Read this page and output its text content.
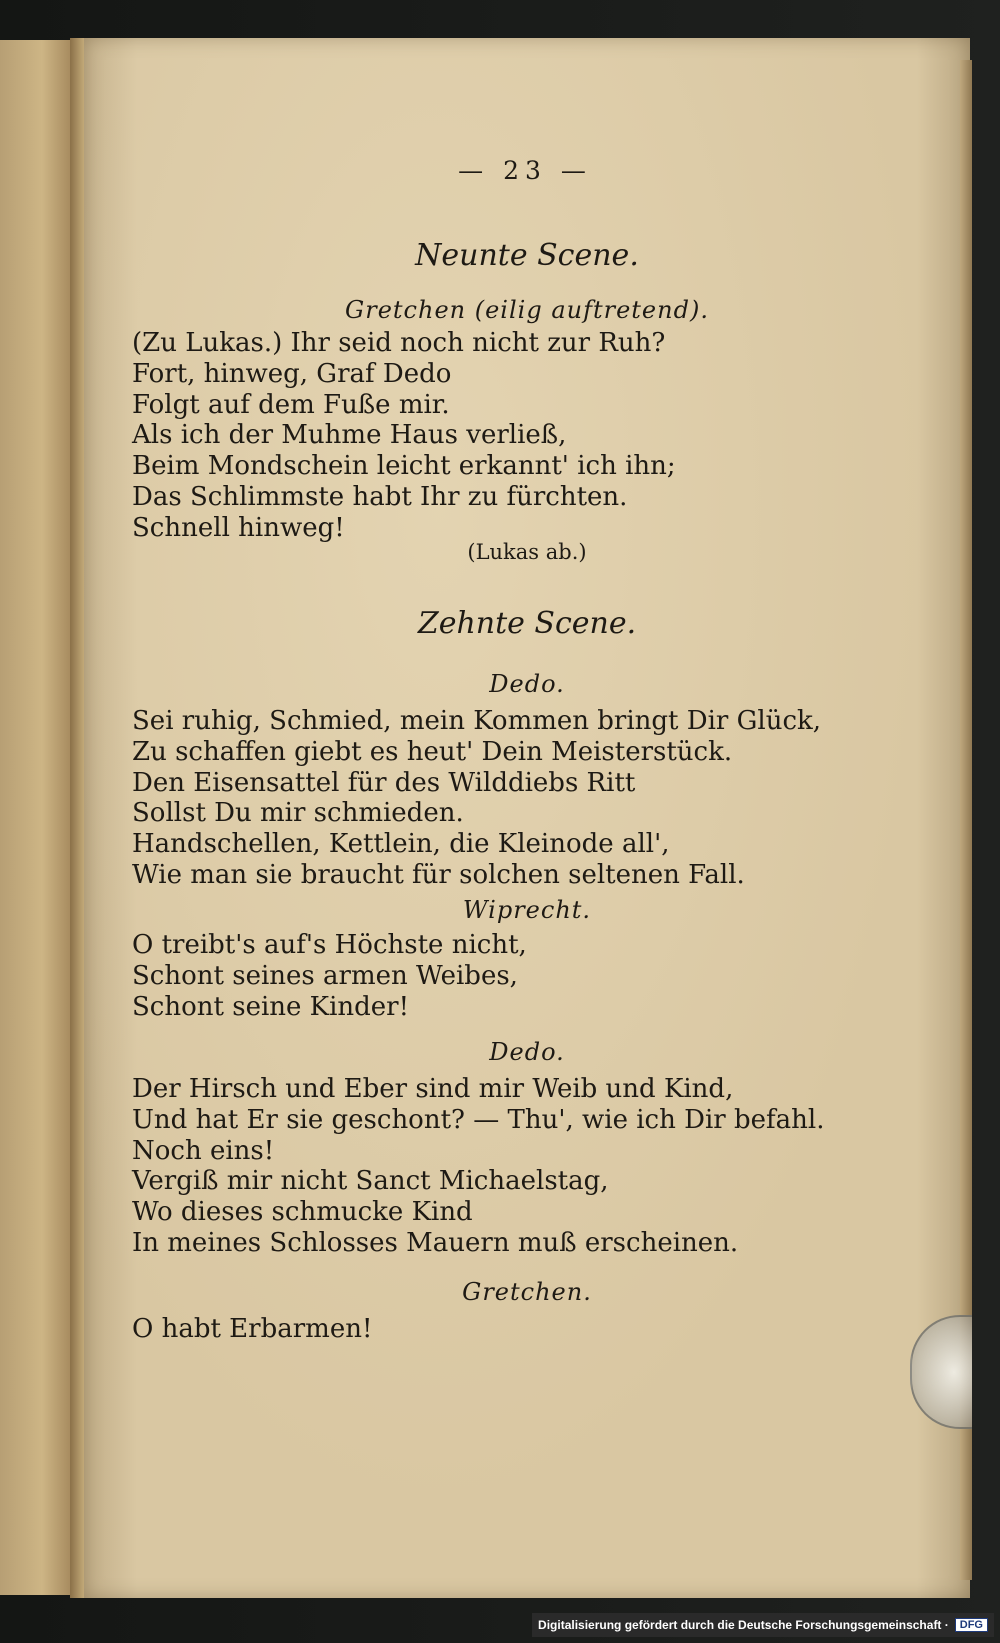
— 23 —
Neunte Scene.
Gretchen (eilig auftretend).
(Zu Lukas.) Ihr seid noch nicht zur Ruh?
Fort, hinweg, Graf Dedo
Folgt auf dem Fuße mir.
Als ich der Muhme Haus verließ,
Beim Mondschein leicht erkannt' ich ihn;
Das Schlimmste habt Ihr zu fürchten.
Schnell hinweg!
(Lukas ab.)
Zehnte Scene.
Dedo.
Sei ruhig, Schmied, mein Kommen bringt Dir Glück,
Zu schaffen giebt es heut' Dein Meisterstück.
Den Eisensattel für des Wilddiebs Ritt
Sollst Du mir schmieden.
Handschellen, Kettlein, die Kleinode all',
Wie man sie braucht für solchen seltenen Fall.
Wiprecht.
O treibt's auf's Höchste nicht,
Schont seines armen Weibes,
Schont seine Kinder!
Dedo.
Der Hirsch und Eber sind mir Weib und Kind,
Und hat Er sie geschont? — Thu', wie ich Dir befahl.
Noch eins!
Vergiß mir nicht Sanct Michaelstag,
Wo dieses schmucke Kind
In meines Schlosses Mauern muß erscheinen.
Gretchen.
O habt Erbarmen!
Digitalisierung gefördert durch die Deutsche Forschungsgemeinschaft ·	DFG
